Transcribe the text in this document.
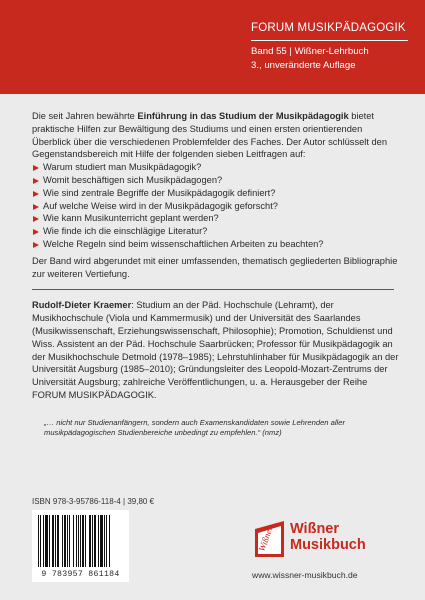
FORUM MUSIKPÄDAGOGIK
Band 55 | Wißner-Lehrbuch
3., unveränderte Auflage

Die seit Jahren bewährte Einführung in das Studium der Musikpädagogik bietet praktische Hilfen zur Bewältigung des Studiums und einen ersten orientierenden Überblick über die verschiedenen Problemfelder des Faches. Der Autor schlüsselt den Gegenstandsbereich mit Hilfe der folgenden sieben Leitfragen auf:

Warum studiert man Musikpädagogik?
Womit beschäftigen sich Musikpädagogen?
Wie sind zentrale Begriffe der Musikpädagogik definiert?
Auf welche Weise wird in der Musikpädagogik geforscht?
Wie kann Musikunterricht geplant werden?
Wie finde ich die einschlägige Literatur?
Welche Regeln sind beim wissenschaftlichen Arbeiten zu beachten?

Der Band wird abgerundet mit einer umfassenden, thematisch gegliederten Bibliographie zur weiteren Vertiefung.

Rudolf-Dieter Kraemer: Studium an der Päd. Hochschule (Lehramt), der Musikhochschule (Viola und Kammermusik) und der Universität des Saarlandes (Musikwissenschaft, Erziehungswissenschaft, Philosophie); Promotion, Schuldienst und Wiss. Assistent an der Päd. Hochschule Saarbrücken; Professor für Musikpädagogik an der Musikhochschule Detmold (1978–1985); Lehrstuhlinhaber für Musikpädagogik an der Universität Augsburg (1985–2010); Gründungsleiter des Leopold-Mozart-Zentrums der Universität Augsburg; zahlreiche Veröffentlichungen, u. a. Herausgeber der Reihe FORUM MUSIKPÄDAGOGIK.

„… nicht nur Studienanfängern, sondern auch Examenskandidaten sowie Lehrenden aller musikpädagogischen Studienbereiche unbedingt zu empfehlen.“ (nmz)

ISBN 978-3-95786-118-4 | 39,80 €
9 783957 861184
Wißner Wißner
Musikbuch
www.wissner-musikbuch.de
